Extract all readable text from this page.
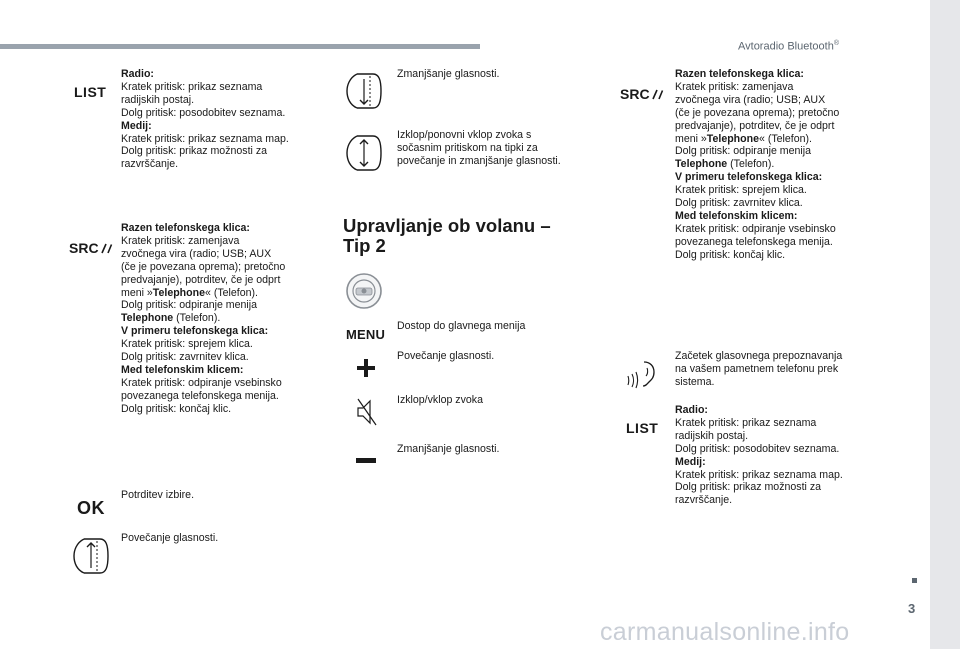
Avtoradio Bluetooth®
LIST
Radio:
Kratek pritisk: prikaz seznama
radijskih postaj.
Dolg pritisk: posodobitev seznama.
Medij:
Kratek pritisk: prikaz seznama map.
Dolg pritisk: prikaz možnosti za
razvrščanje.
SRC
Razen telefonskega klica:
Kratek pritisk: zamenjava
zvočnega vira (radio; USB; AUX
(če je povezana oprema); pretočno
predvajanje), potrditev, če je odprt
meni »Telephone« (Telefon).
Dolg pritisk: odpiranje menija
Telephone (Telefon).
V primeru telefonskega klica:
Kratek pritisk: sprejem klica.
Dolg pritisk: zavrnitev klica.
Med telefonskim klicem:
Kratek pritisk: odpiranje vsebinsko
povezanega telefonskega menija.
Dolg pritisk: končaj klic.
OK
Potrditev izbire.
Povečanje glasnosti.
Zmanjšanje glasnosti.
Izklop/ponovni vklop zvoka s
sočasnim pritiskom na tipki za
povečanje in zmanjšanje glasnosti.
Upravljanje ob volanu –
Tip 2
MENU
Dostop do glavnega menija
Povečanje glasnosti.
Izklop/vklop zvoka
Zmanjšanje glasnosti.
SRC
Razen telefonskega klica:
Kratek pritisk: zamenjava
zvočnega vira (radio; USB; AUX
(če je povezana oprema); pretočno
predvajanje), potrditev, če je odprt
meni »Telephone« (Telefon).
Dolg pritisk: odpiranje menija
Telephone (Telefon).
V primeru telefonskega klica:
Kratek pritisk: sprejem klica.
Dolg pritisk: zavrnitev klica.
Med telefonskim klicem:
Kratek pritisk: odpiranje vsebinsko
povezanega telefonskega menija.
Dolg pritisk: končaj klic.
Začetek glasovnega prepoznavanja
na vašem pametnem telefonu prek
sistema.
LIST
Radio:
Kratek pritisk: prikaz seznama
radijskih postaj.
Dolg pritisk: posodobitev seznama.
Medij:
Kratek pritisk: prikaz seznama map.
Dolg pritisk: prikaz možnosti za
razvrščanje.
3
carmanualsonline.info
